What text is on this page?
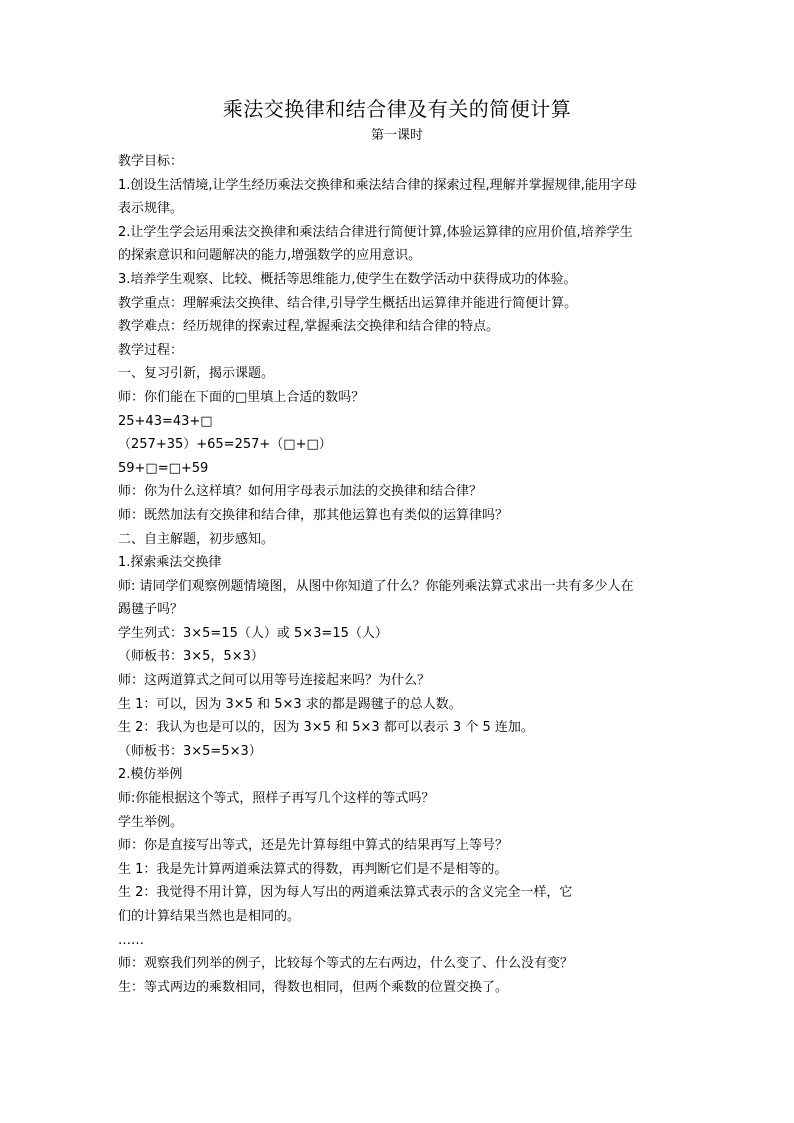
乘法交换律和结合律及有关的简便计算
第一课时
教学目标：
1.创设生活情境,让学生经历乘法交换律和乘法结合律的探索过程,理解并掌握规律,能用字母
表示规律。
2.让学生学会运用乘法交换律和乘法结合律进行简便计算,体验运算律的应用价值,培养学生
的探索意识和问题解决的能力,增强数学的应用意识。
3.培养学生观察、比较、概括等思维能力,使学生在数学活动中获得成功的体验。
教学重点：理解乘法交换律、结合律,引导学生概括出运算律并能进行简便计算。
教学难点：经历规律的探索过程,掌握乘法交换律和结合律的特点。
教学过程：
一、复习引新，揭示课题。
师：你们能在下面的□里填上合适的数吗？
25+43=43+□
（257+35）+65=257+（□+□）
59+□=□+59
师：你为什么这样填？如何用字母表示加法的交换律和结合律？
师：既然加法有交换律和结合律，那其他运算也有类似的运算律吗？
二、自主解题，初步感知。
1.探索乘法交换律
师: 请同学们观察例题情境图，从图中你知道了什么？你能列乘法算式求出一共有多少人在
踢毽子吗？
学生列式：3×5=15（人）或 5×3=15（人）
（师板书：3×5，5×3）
师：这两道算式之间可以用等号连接起来吗？为什么？
生 1：可以，因为 3×5 和 5×3 求的都是踢毽子的总人数。
生 2：我认为也是可以的，因为 3×5 和 5×3 都可以表示 3 个 5 连加。
（师板书：3×5=5×3）
2.模仿举例
师:你能根据这个等式，照样子再写几个这样的等式吗？
学生举例。
师：你是直接写出等式，还是先计算每组中算式的结果再写上等号？
生 1：我是先计算两道乘法算式的得数，再判断它们是不是相等的。
生 2：我觉得不用计算，因为每人写出的两道乘法算式表示的含义完全一样，它
们的计算结果当然也是相同的。
……
师：观察我们列举的例子，比较每个等式的左右两边，什么变了、什么没有变？
生：等式两边的乘数相同，得数也相同，但两个乘数的位置交换了。
